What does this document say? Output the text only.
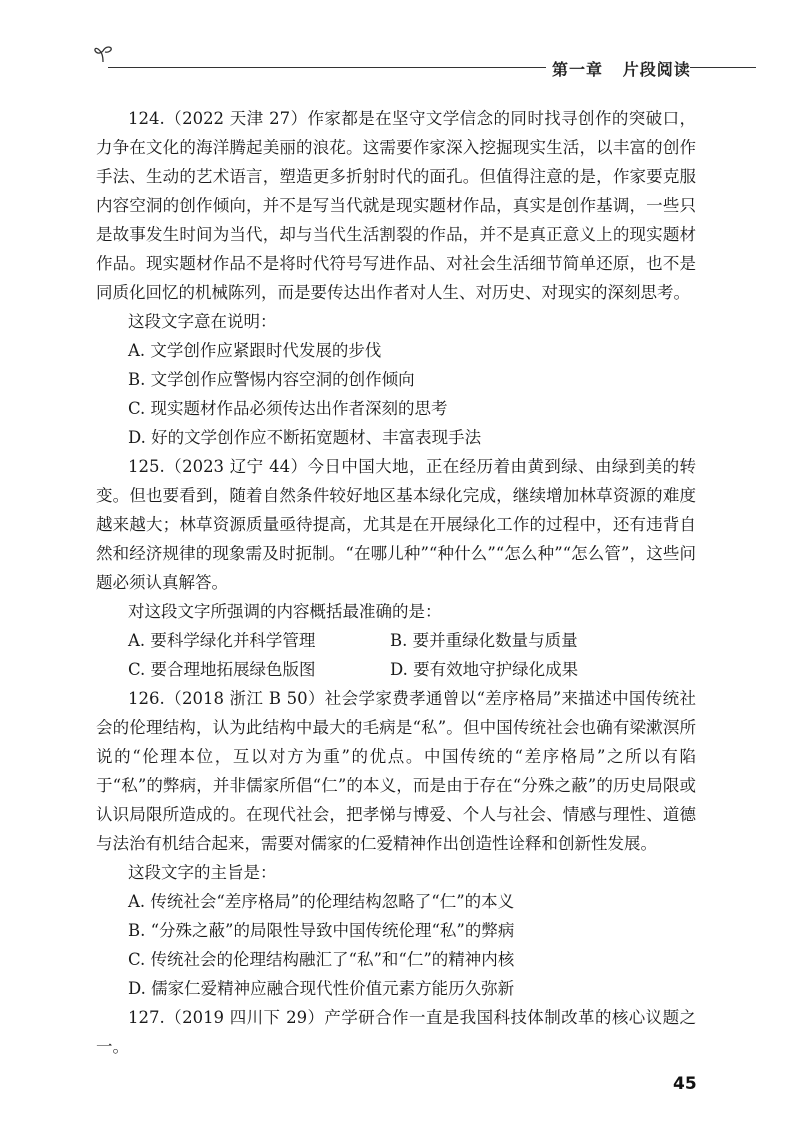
第一章 片段阅读

124.（2022 天津 27）作家都是在坚守文学信念的同时找寻创作的突破口，力争在文化的海洋腾起美丽的浪花。这需要作家深入挖掘现实生活，以丰富的创作手法、生动的艺术语言，塑造更多折射时代的面孔。但值得注意的是，作家要克服内容空洞的创作倾向，并不是写当代就是现实题材作品，真实是创作基调，一些只是故事发生时间为当代，却与当代生活割裂的作品，并不是真正意义上的现实题材作品。现实题材作品不是将时代符号写进作品、对社会生活细节简单还原，也不是同质化回忆的机械陈列，而是要传达出作者对人生、对历史、对现实的深刻思考。

这段文字意在说明：

A. 文学创作应紧跟时代发展的步伐

B. 文学创作应警惕内容空洞的创作倾向

C. 现实题材作品必须传达出作者深刻的思考

D. 好的文学创作应不断拓宽题材、丰富表现手法

125.（2023 辽宁 44）今日中国大地，正在经历着由黄到绿、由绿到美的转变。但也要看到，随着自然条件较好地区基本绿化完成，继续增加林草资源的难度越来越大；林草资源质量亟待提高，尤其是在开展绿化工作的过程中，还有违背自然和经济规律的现象需及时扼制。“在哪儿种”“种什么”“怎么种”“怎么管”，这些问题必须认真解答。

对这段文字所强调的内容概括最准确的是：

A. 要科学绿化并科学管理	B. 要并重绿化数量与质量
C. 要合理地拓展绿色版图	D. 要有效地守护绿化成果

126.（2018 浙江 B 50）社会学家费孝通曾以“差序格局”来描述中国传统社会的伦理结构，认为此结构中最大的毛病是“私”。但中国传统社会也确有梁漱溟所说的“伦理本位，互以对方为重”的优点。中国传统的“差序格局”之所以有陷于“私”的弊病，并非儒家所倡“仁”的本义，而是由于存在“分殊之蔽”的历史局限或认识局限所造成的。在现代社会，把孝悌与博爱、个人与社会、情感与理性、道德与法治有机结合起来，需要对儒家的仁爱精神作出创造性诠释和创新性发展。

这段文字的主旨是：

A. 传统社会“差序格局”的伦理结构忽略了“仁”的本义

B. “分殊之蔽”的局限性导致中国传统伦理“私”的弊病

C. 传统社会的伦理结构融汇了“私”和“仁”的精神内核

D. 儒家仁爱精神应融合现代性价值元素方能历久弥新

127.（2019 四川下 29）产学研合作一直是我国科技体制改革的核心议题之一。

45
